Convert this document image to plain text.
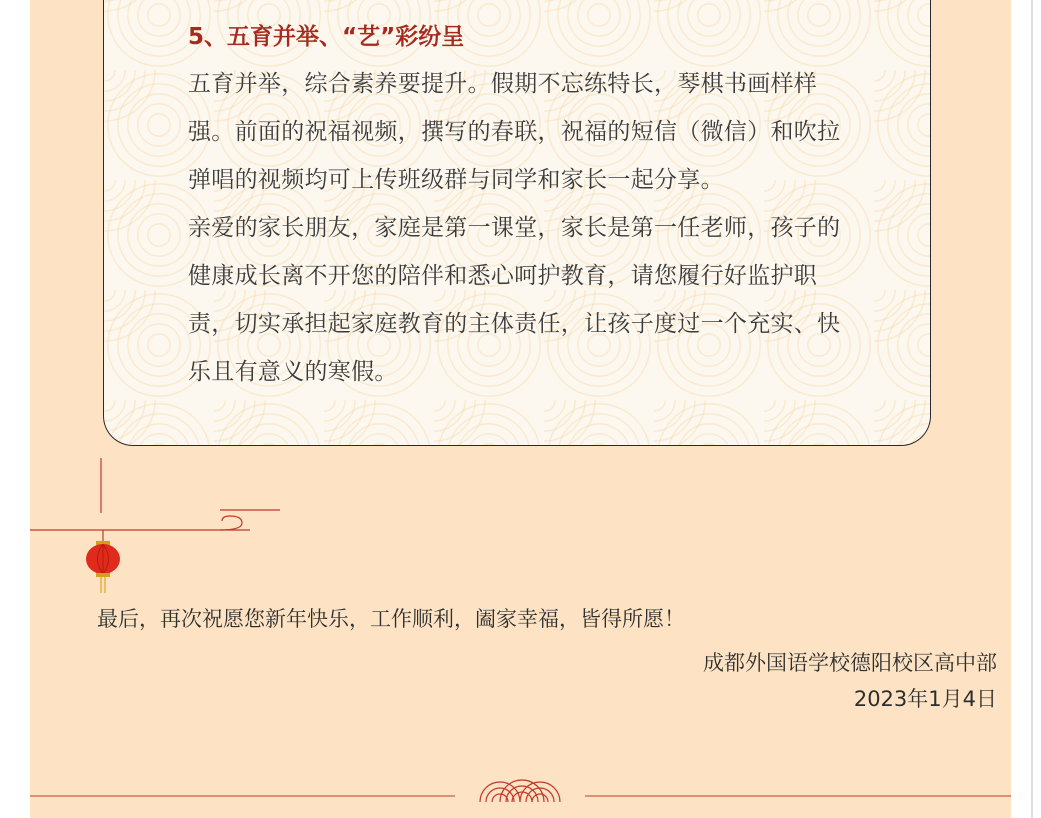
5、五育并举、“艺”彩纷呈

五育并举，综合素养要提升。假期不忘练特长，琴棋书画样样强。前面的祝福视频，撰写的春联，祝福的短信（微信）和吹拉弹唱的视频均可上传班级群与同学和家长一起分享。

亲爱的家长朋友，家庭是第一课堂，家长是第一任老师，孩子的健康成长离不开您的陪伴和悉心呵护教育，请您履行好监护职责，切实承担起家庭教育的主体责任，让孩子度过一个充实、快乐且有意义的寒假。

最后，再次祝愿您新年快乐，工作顺利，阖家幸福，皆得所愿！

成都外国语学校德阳校区高中部
2023年1月4日
